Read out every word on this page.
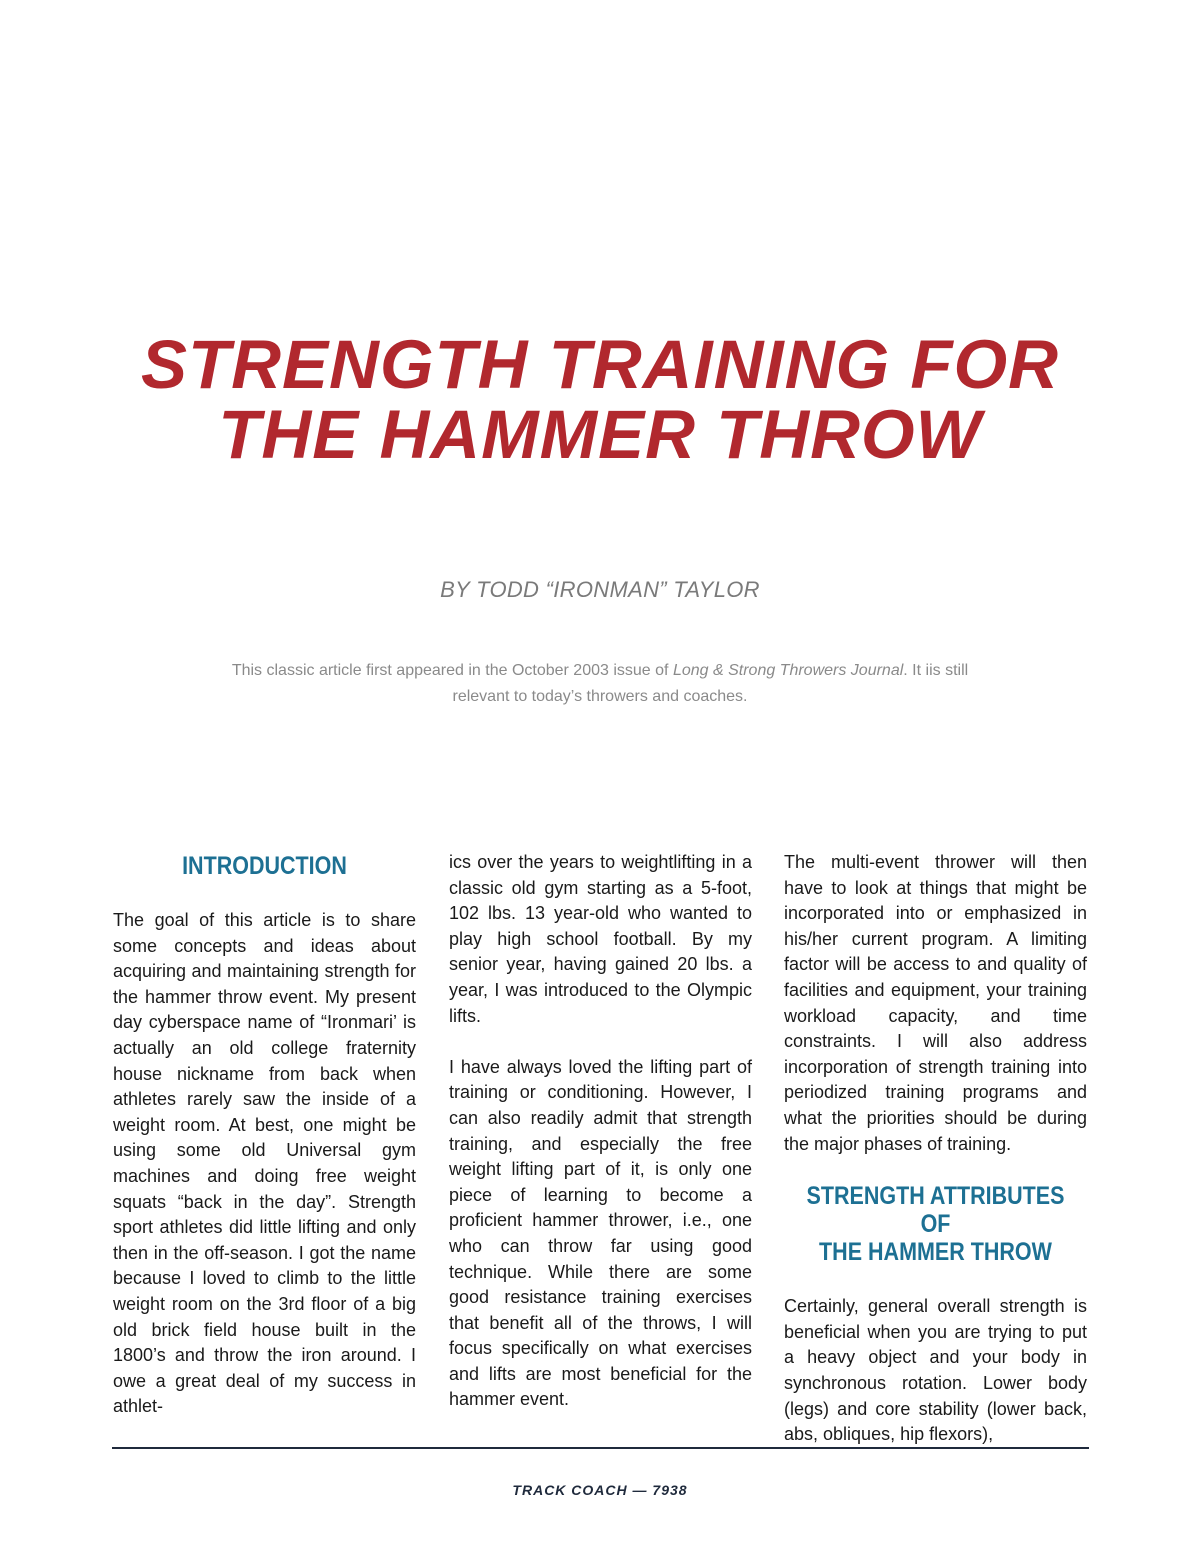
STRENGTH TRAINING FOR
THE HAMMER THROW
BY TODD “IRONMAN” TAYLOR
This classic article first appeared in the October 2003 issue of Long & Strong Throwers Journal. It iis still relevant to today’s throwers and coaches.
INTRODUCTION

The goal of this article is to share some concepts and ideas about acquiring and maintaining strength for the hammer throw event. My present day cyberspace name of “Ironmari’ is actually an old college fraternity house nickname from back when athletes rarely saw the inside of a weight room. At best, one might be using some old Universal gym machines and doing free weight squats “back in the day”. Strength sport athletes did little lifting and only then in the off-season. I got the name because I loved to climb to the little weight room on the 3rd floor of a big old brick field house built in the 1800’s and throw the iron around. I owe a great deal of my success in athlet-

ics over the years to weightlifting in a classic old gym starting as a 5-foot, 102 lbs. 13 year-old who wanted to play high school football. By my senior year, having gained 20 lbs. a year, I was introduced to the Olympic lifts.

I have always loved the lifting part of training or conditioning. However, I can also readily admit that strength training, and especially the free weight lifting part of it, is only one piece of learning to become a proficient hammer thrower, i.e., one who can throw far using good technique. While there are some good resistance training exercises that benefit all of the throws, I will focus specifically on what exercises and lifts are most beneficial for the hammer event.

The multi-event thrower will then have to look at things that might be incorporated into or emphasized in his/her current program. A limiting factor will be access to and quality of facilities and equipment, your training workload capacity, and time constraints. I will also address incorporation of strength training into periodized training programs and what the priorities should be during the major phases of training.

STRENGTH ATTRIBUTES OF
THE HAMMER THROW

Certainly, general overall strength is beneficial when you are trying to put a heavy object and your body in synchronous rotation. Lower body (legs) and core stability (lower back, abs, obliques, hip flexors),

TRACK COACH — 7938
